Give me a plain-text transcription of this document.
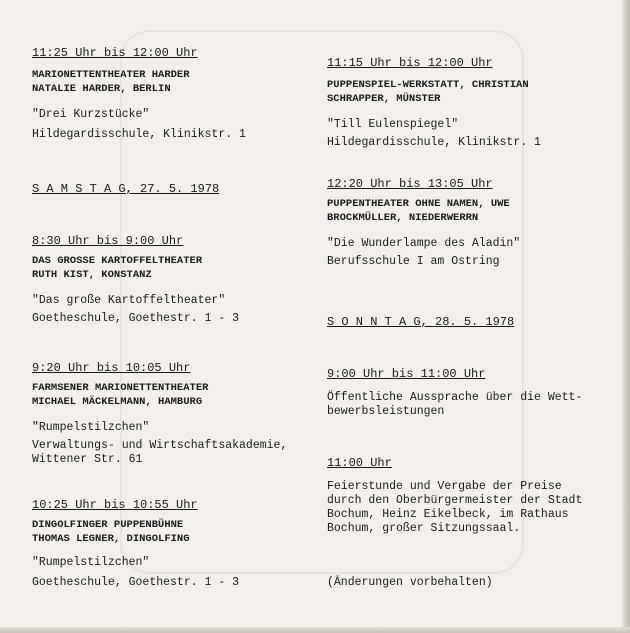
11:25 Uhr bis 12:00 Uhr
MARIONETTENTHEATER HARDER
NATALIE HARDER, BERLIN
"Drei Kurzstücke"
Hildegardisschule, Klinikstr. 1
S A M S T A G, 27. 5. 1978
8:30 Uhr bis 9:00 Uhr
DAS GROSSE KARTOFFELTHEATER
RUTH KIST, KONSTANZ
"Das große Kartoffeltheater"
Goetheschule, Goethestr. 1 - 3
9:20 Uhr bis 10:05 Uhr
FARMSENER MARIONETTENTHEATER
MICHAEL MÄCKELMANN, HAMBURG
"Rumpelstilzchen"
Verwaltungs- und Wirtschaftsakademie,
Wittener Str. 61
10:25 Uhr bis 10:55 Uhr
DINGOLFINGER PUPPENBÜHNE
THOMAS LEGNER, DINGOLFING
"Rumpelstilzchen"
Goetheschule, Goethestr. 1 - 3
11:15 Uhr bis 12:00 Uhr
PUPPENSPIEL-WERKSTATT, CHRISTIAN
SCHRAPPER, MÜNSTER
"Till Eulenspiegel"
Hildegardisschule, Klinikstr. 1
12:20 Uhr bis 13:05 Uhr
PUPPENTHEATER OHNE NAMEN, UWE
BROCKMÜLLER, NIEDERWERRN
"Die Wunderlampe des Aladin"
Berufsschule I am Ostring
S O N N T A G, 28. 5. 1978
9:00 Uhr bis 11:00 Uhr
Öffentliche Aussprache über die Wett-
bewerbsleistungen
11:00 Uhr
Feierstunde und Vergabe der Preise
durch den Oberbürgermeister der Stadt
Bochum, Heinz Eikelbeck, im Rathaus
Bochum, großer Sitzungssaal.
(Änderungen vorbehalten)
